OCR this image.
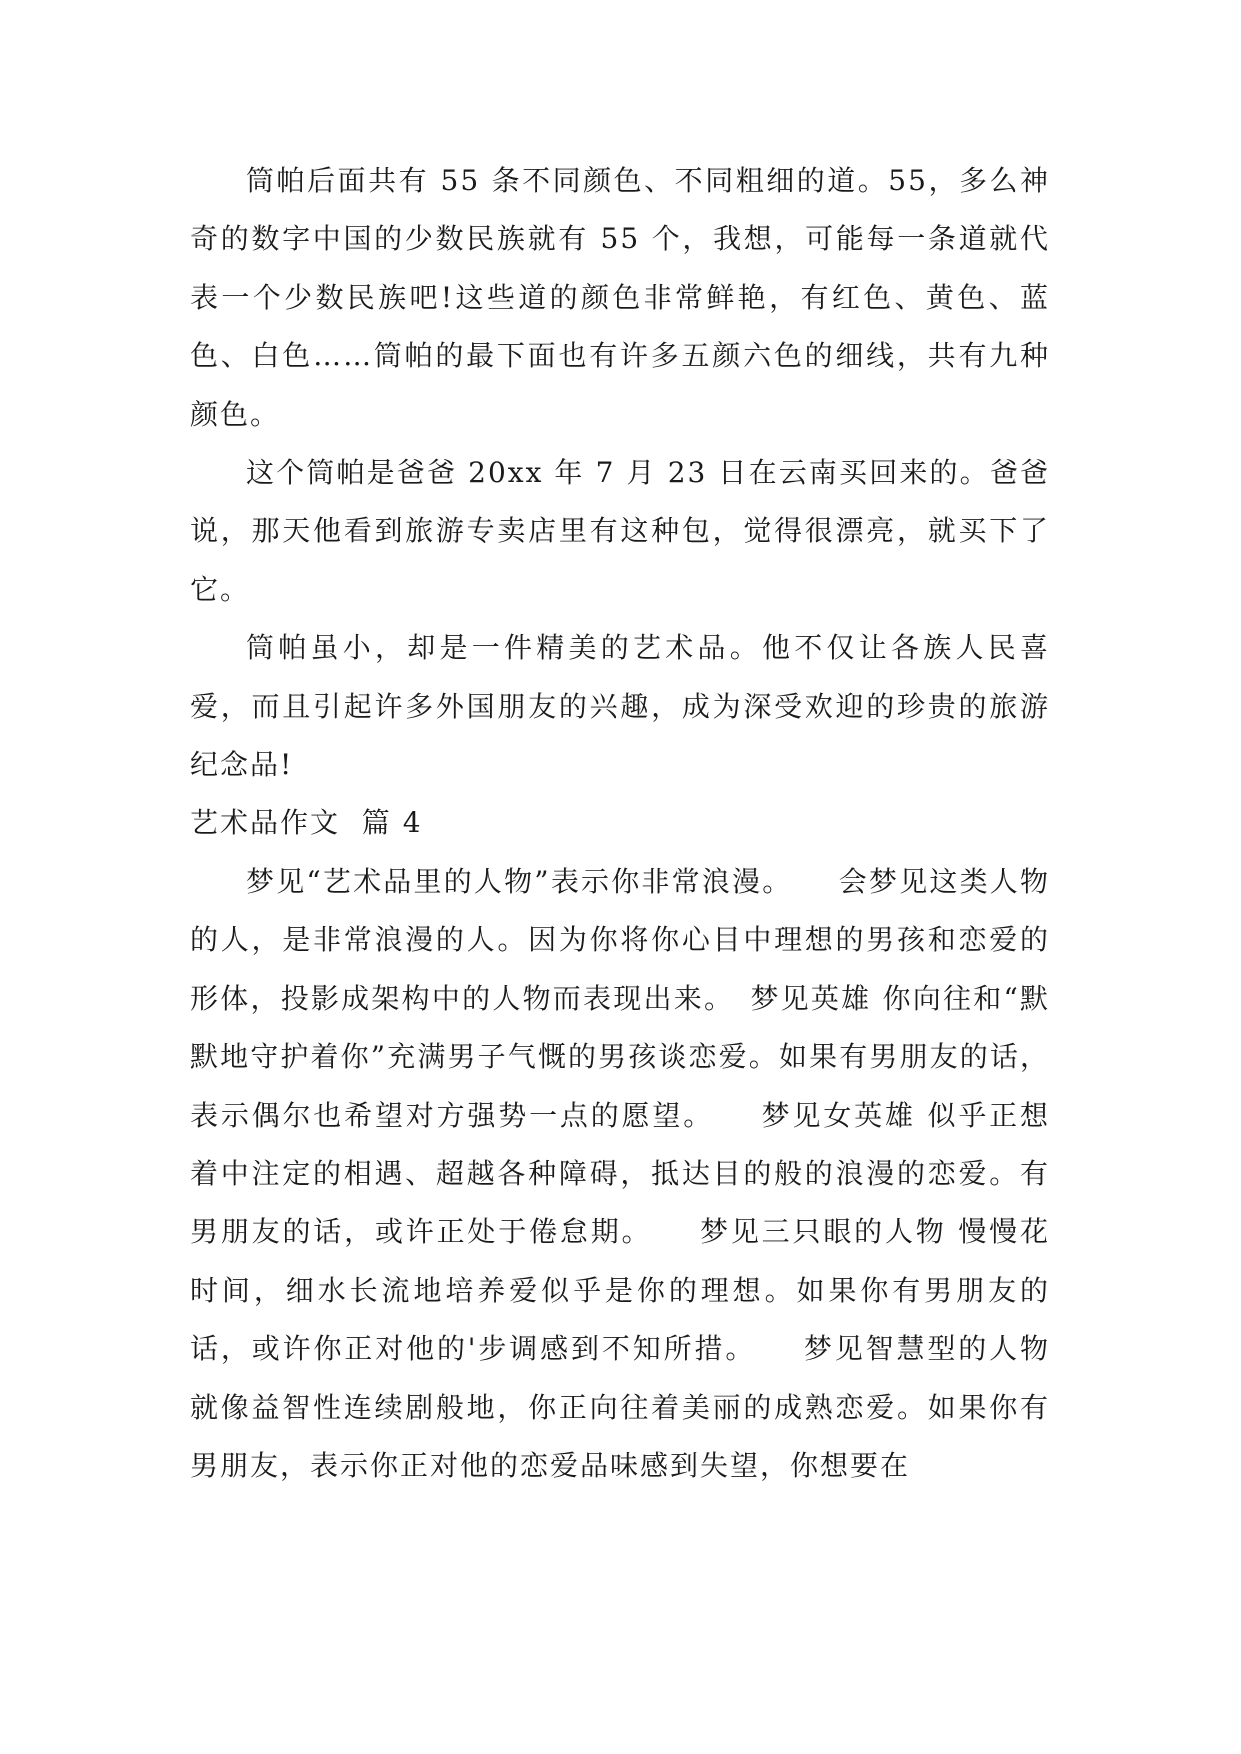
筒帕后面共有 55 条不同颜色、不同粗细的道。55，多么神奇的数字中国的少数民族就有 55 个，我想，可能每一条道就代表一个少数民族吧!这些道的颜色非常鲜艳，有红色、黄色、蓝色、白色……筒帕的最下面也有许多五颜六色的细线，共有九种颜色。

这个筒帕是爸爸 20xx 年 7 月 23 日在云南买回来的。爸爸说，那天他看到旅游专卖店里有这种包，觉得很漂亮，就买下了它。

筒帕虽小，却是一件精美的艺术品。他不仅让各族人民喜爱，而且引起许多外国朋友的兴趣，成为深受欢迎的珍贵的旅游纪念品!

艺术品作文  篇 4

梦见“艺术品里的人物”表示你非常浪漫。　　会梦见这类人物的人，是非常浪漫的人。因为你将你心目中理想的男孩和恋爱的形体，投影成架构中的人物而表现出来。　梦见英雄 你向往和“默默地守护着你”充满男子气慨的男孩谈恋爱。如果有男朋友的话，表示偶尔也希望对方强势一点的愿望。　　梦见女英雄 似乎正想着中注定的相遇、超越各种障碍，抵达目的般的浪漫的恋爱。有男朋友的话，或许正处于倦怠期。　　梦见三只眼的人物 慢慢花时间，细水长流地培养爱似乎是你的理想。如果你有男朋友的话，或许你正对他的'步调感到不知所措。　　梦见智慧型的人物 就像益智性连续剧般地，你正向往着美丽的成熟恋爱。如果你有男朋友，表示你正对他的恋爱品味感到失望，你想要在
